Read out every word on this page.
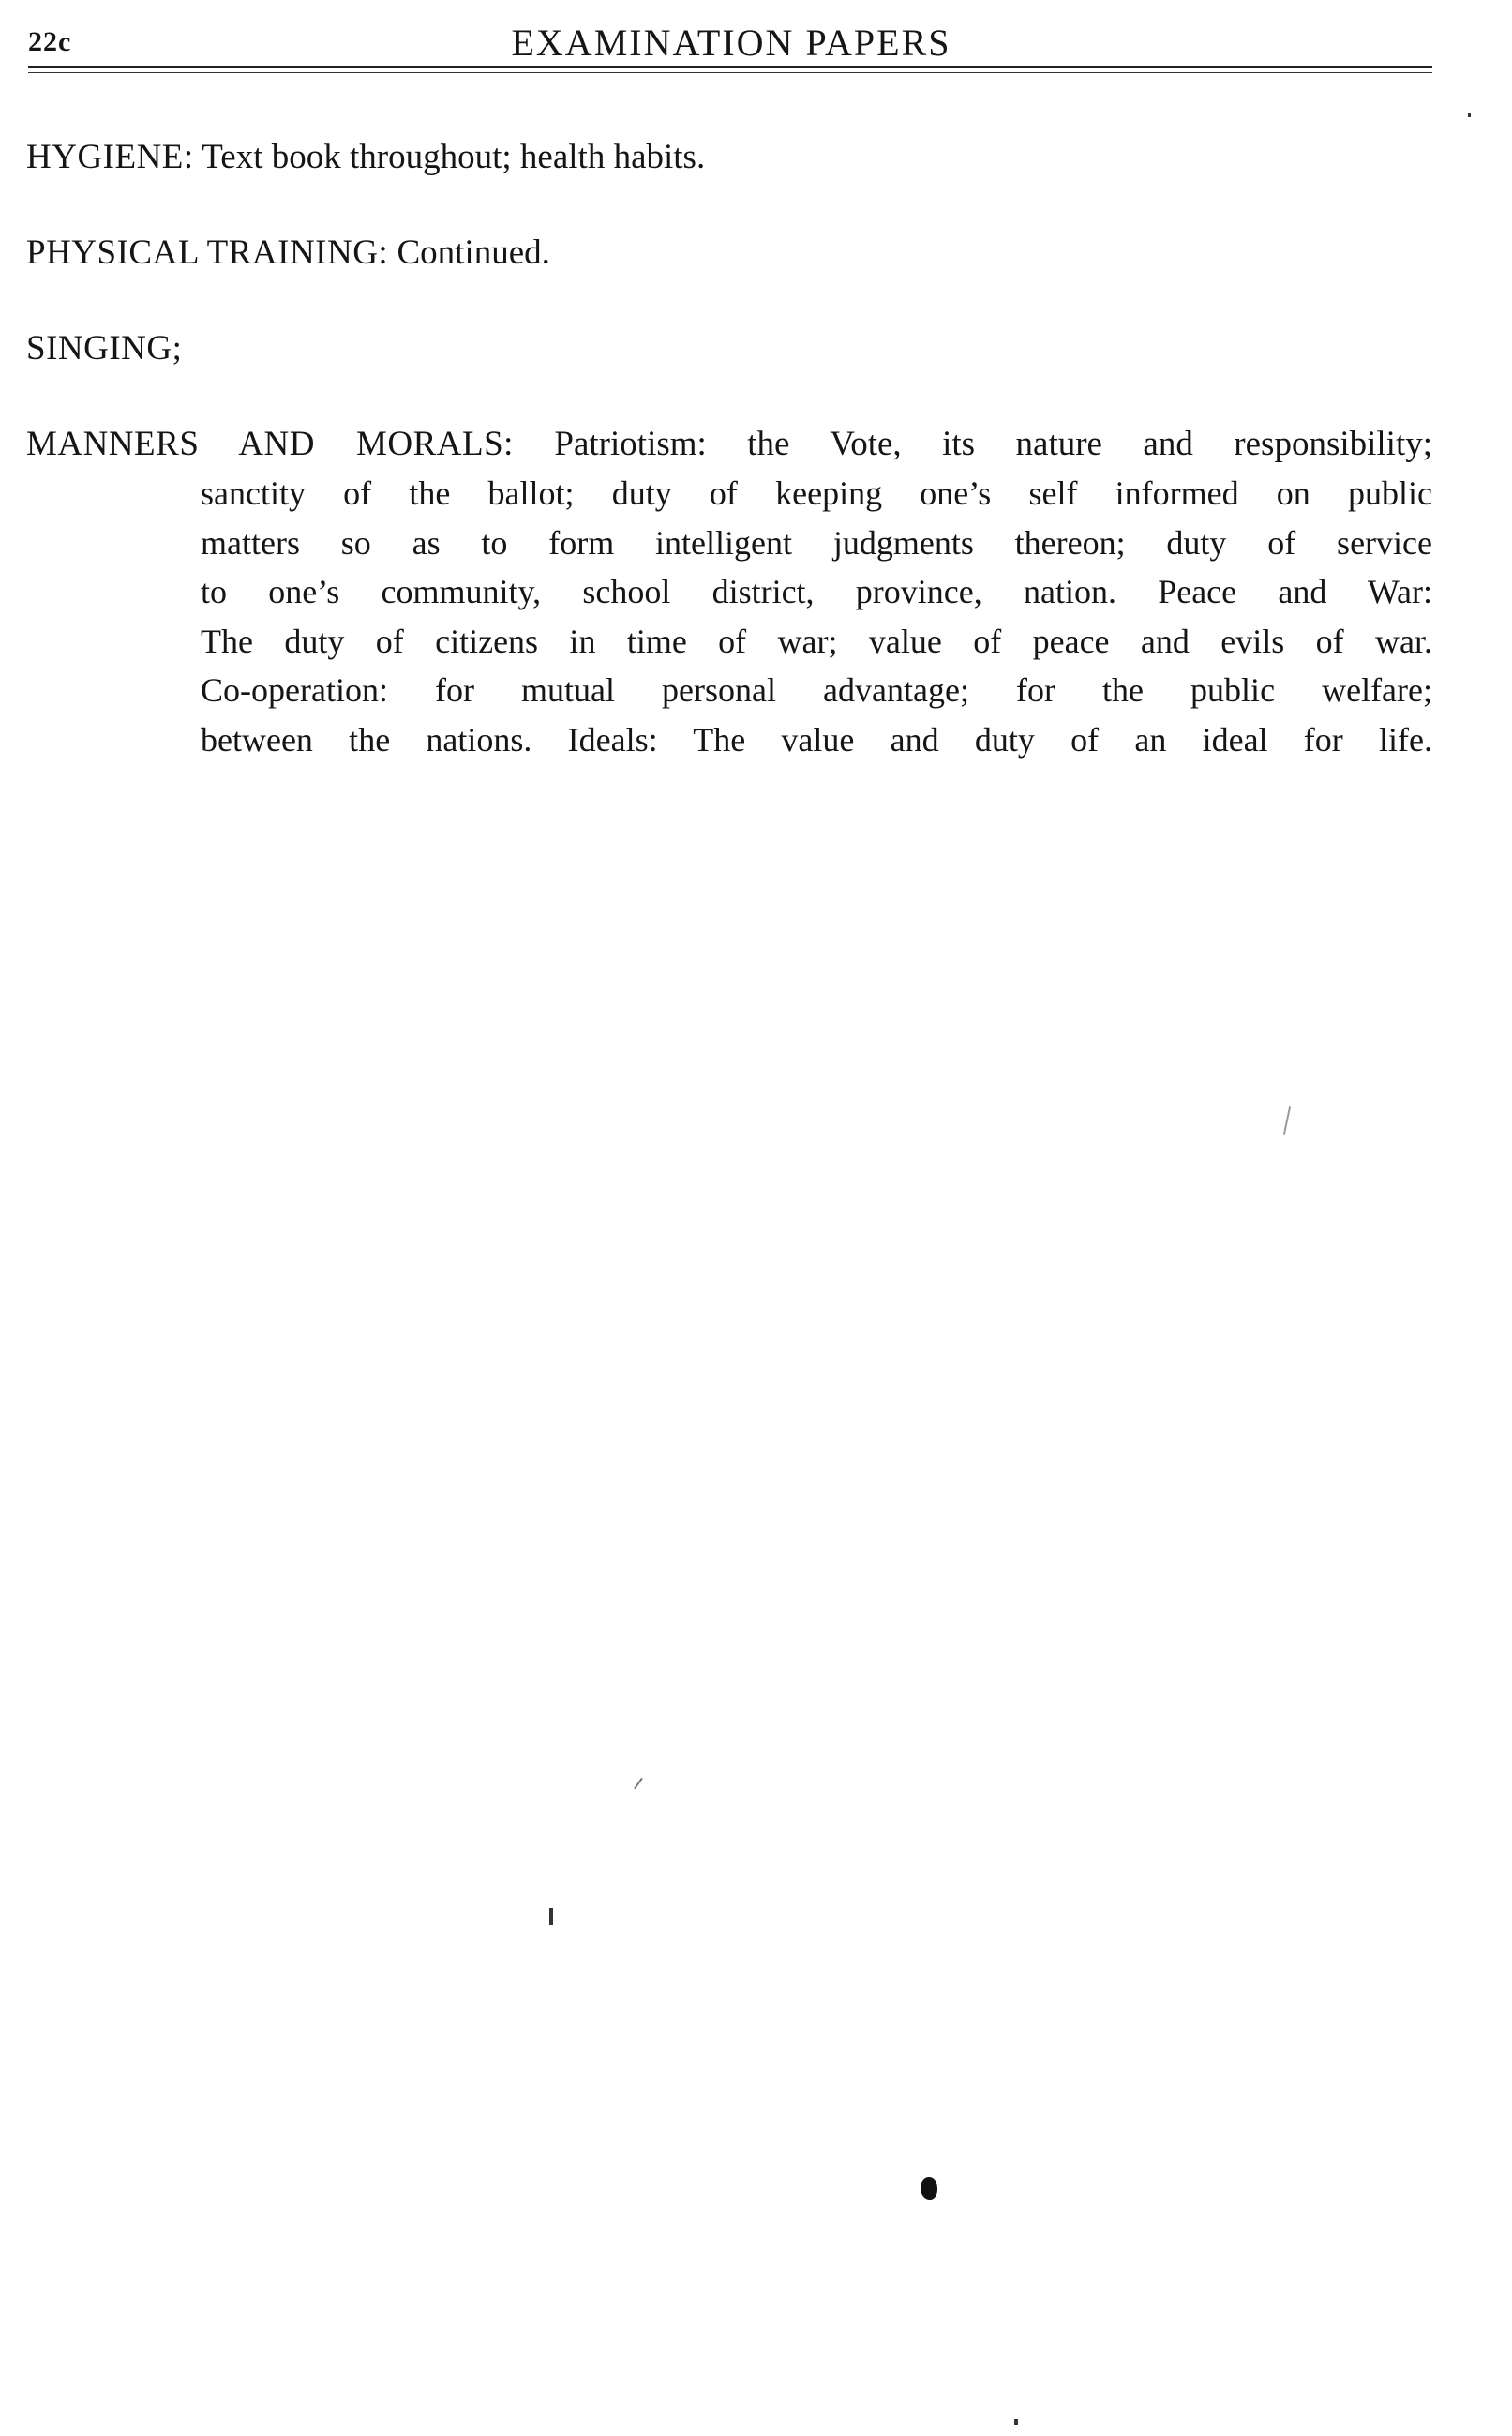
22c	EXAMINATION PAPERS
HYGIENE: Text book throughout; health habits.
PHYSICAL TRAINING: Continued.
SINGING;
MANNERS AND MORALS: Patriotism: the Vote, its nature and responsibility;
sanctity of the ballot; duty of keeping one’s self informed on public
matters so as to form intelligent judgments thereon; duty of service
to one’s community, school district, province, nation. Peace and War:
The duty of citizens in time of war; value of peace and evils of war.
Co-operation: for mutual personal advantage; for the public welfare;
between the nations. Ideals: The value and duty of an ideal for life.
